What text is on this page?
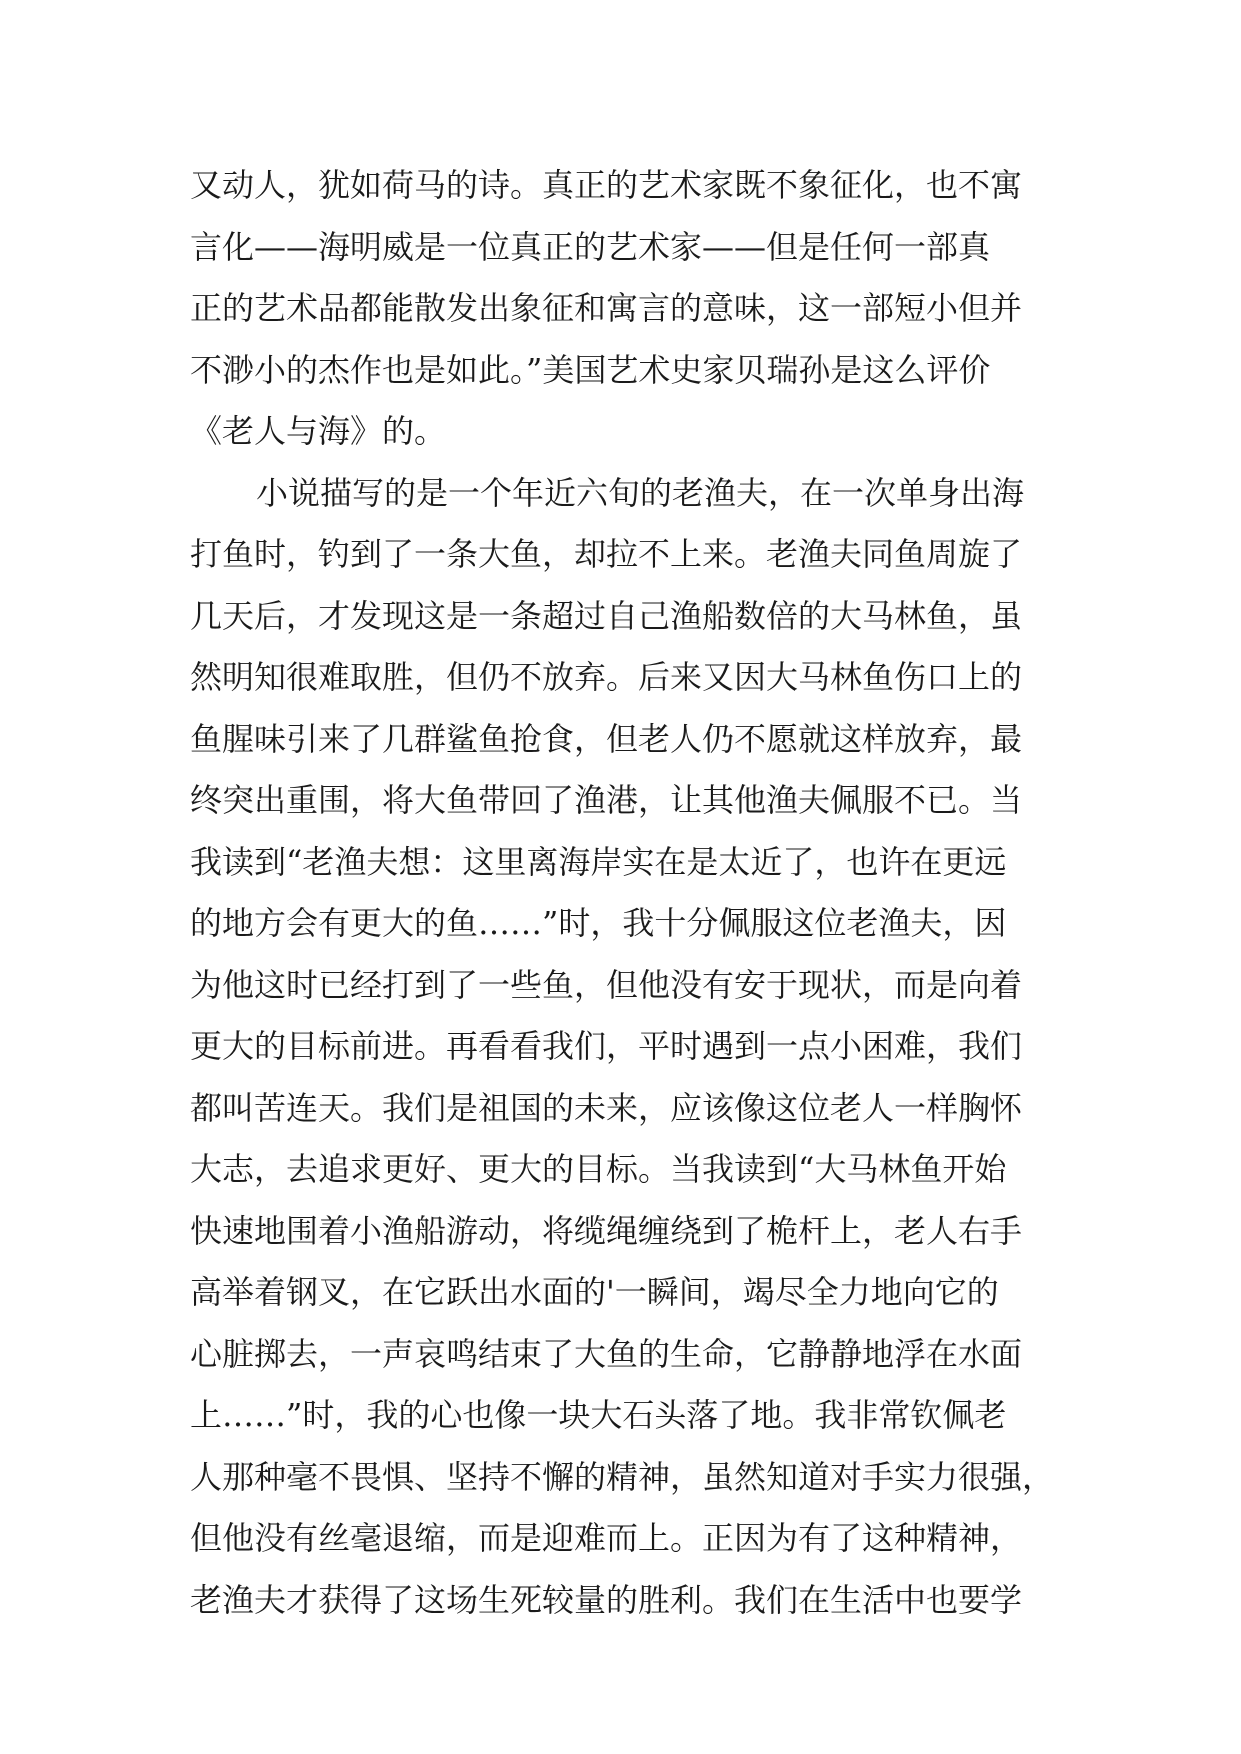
又动人，犹如荷马的诗。真正的艺术家既不象征化，也不寓
言化——海明威是一位真正的艺术家——但是任何一部真
正的艺术品都能散发出象征和寓言的意味，这一部短小但并
不渺小的杰作也是如此。”美国艺术史家贝瑞孙是这么评价
《老人与海》的。
小说描写的是一个年近六旬的老渔夫，在一次单身出海
打鱼时，钓到了一条大鱼，却拉不上来。老渔夫同鱼周旋了
几天后，才发现这是一条超过自己渔船数倍的大马林鱼，虽
然明知很难取胜，但仍不放弃。后来又因大马林鱼伤口上的
鱼腥味引来了几群鲨鱼抢食，但老人仍不愿就这样放弃，最
终突出重围，将大鱼带回了渔港，让其他渔夫佩服不已。当
我读到“老渔夫想：这里离海岸实在是太近了，也许在更远
的地方会有更大的鱼……”时，我十分佩服这位老渔夫，因
为他这时已经打到了一些鱼，但他没有安于现状，而是向着
更大的目标前进。再看看我们，平时遇到一点小困难，我们
都叫苦连天。我们是祖国的未来，应该像这位老人一样胸怀
大志，去追求更好、更大的目标。当我读到“大马林鱼开始
快速地围着小渔船游动，将缆绳缠绕到了桅杆上，老人右手
高举着钢叉，在它跃出水面的'一瞬间，竭尽全力地向它的
心脏掷去，一声哀鸣结束了大鱼的生命，它静静地浮在水面
上……”时，我的心也像一块大石头落了地。我非常钦佩老
人那种毫不畏惧、坚持不懈的精神，虽然知道对手实力很强，
但他没有丝毫退缩，而是迎难而上。正因为有了这种精神，
老渔夫才获得了这场生死较量的胜利。我们在生活中也要学
